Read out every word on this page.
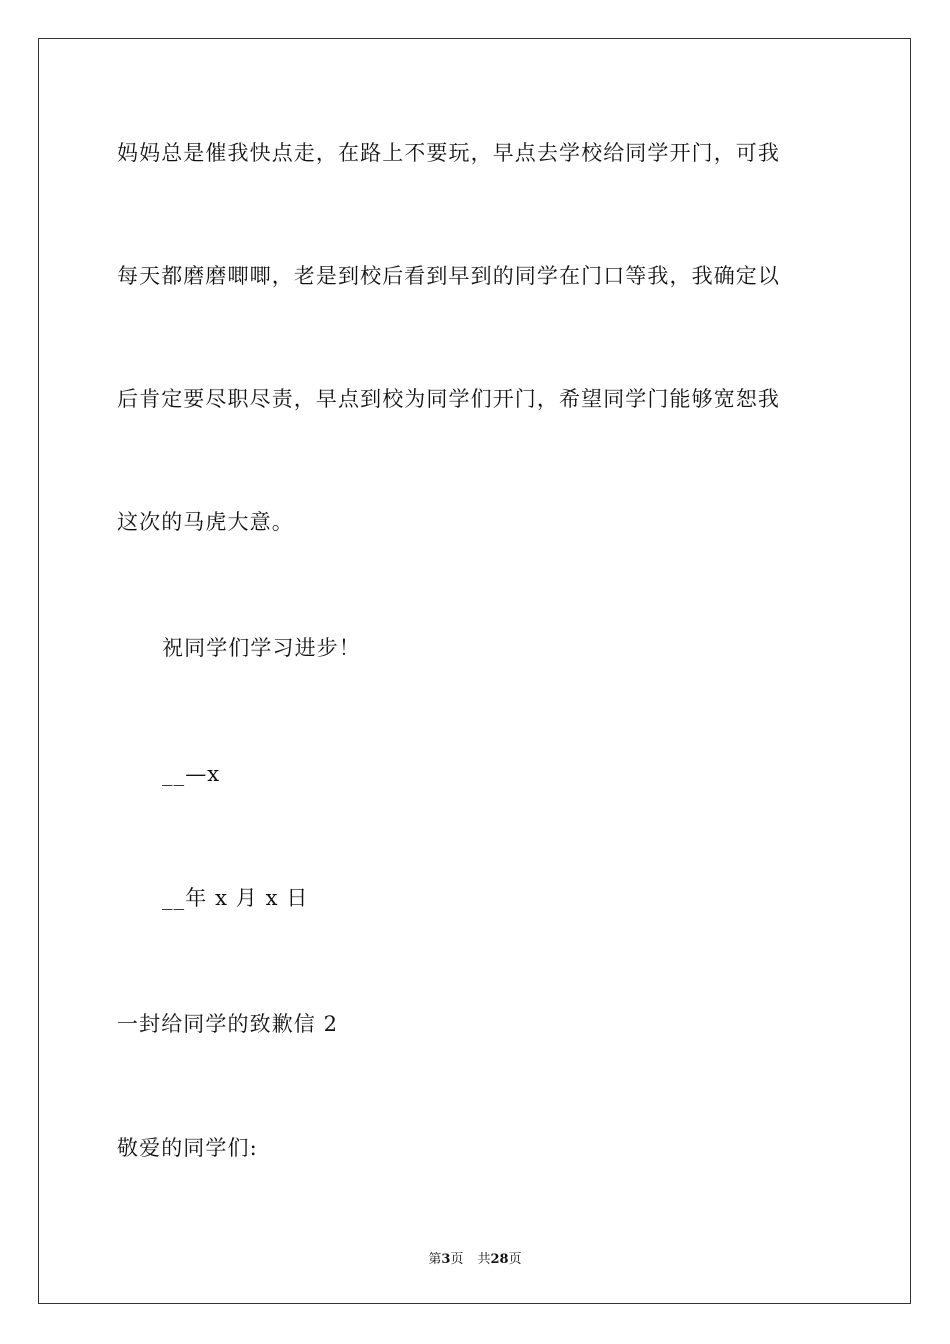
妈妈总是催我快点走，在路上不要玩，早点去学校给同学开门，可我
每天都磨磨唧唧，老是到校后看到早到的同学在门口等我，我确定以
后肯定要尽职尽责，早点到校为同学们开门，希望同学门能够宽恕我
这次的马虎大意。
祝同学们学习进步！
__—x
__年 x 月 x 日
一封给同学的致歉信 2
敬爱的同学们:
第3页 共28页
